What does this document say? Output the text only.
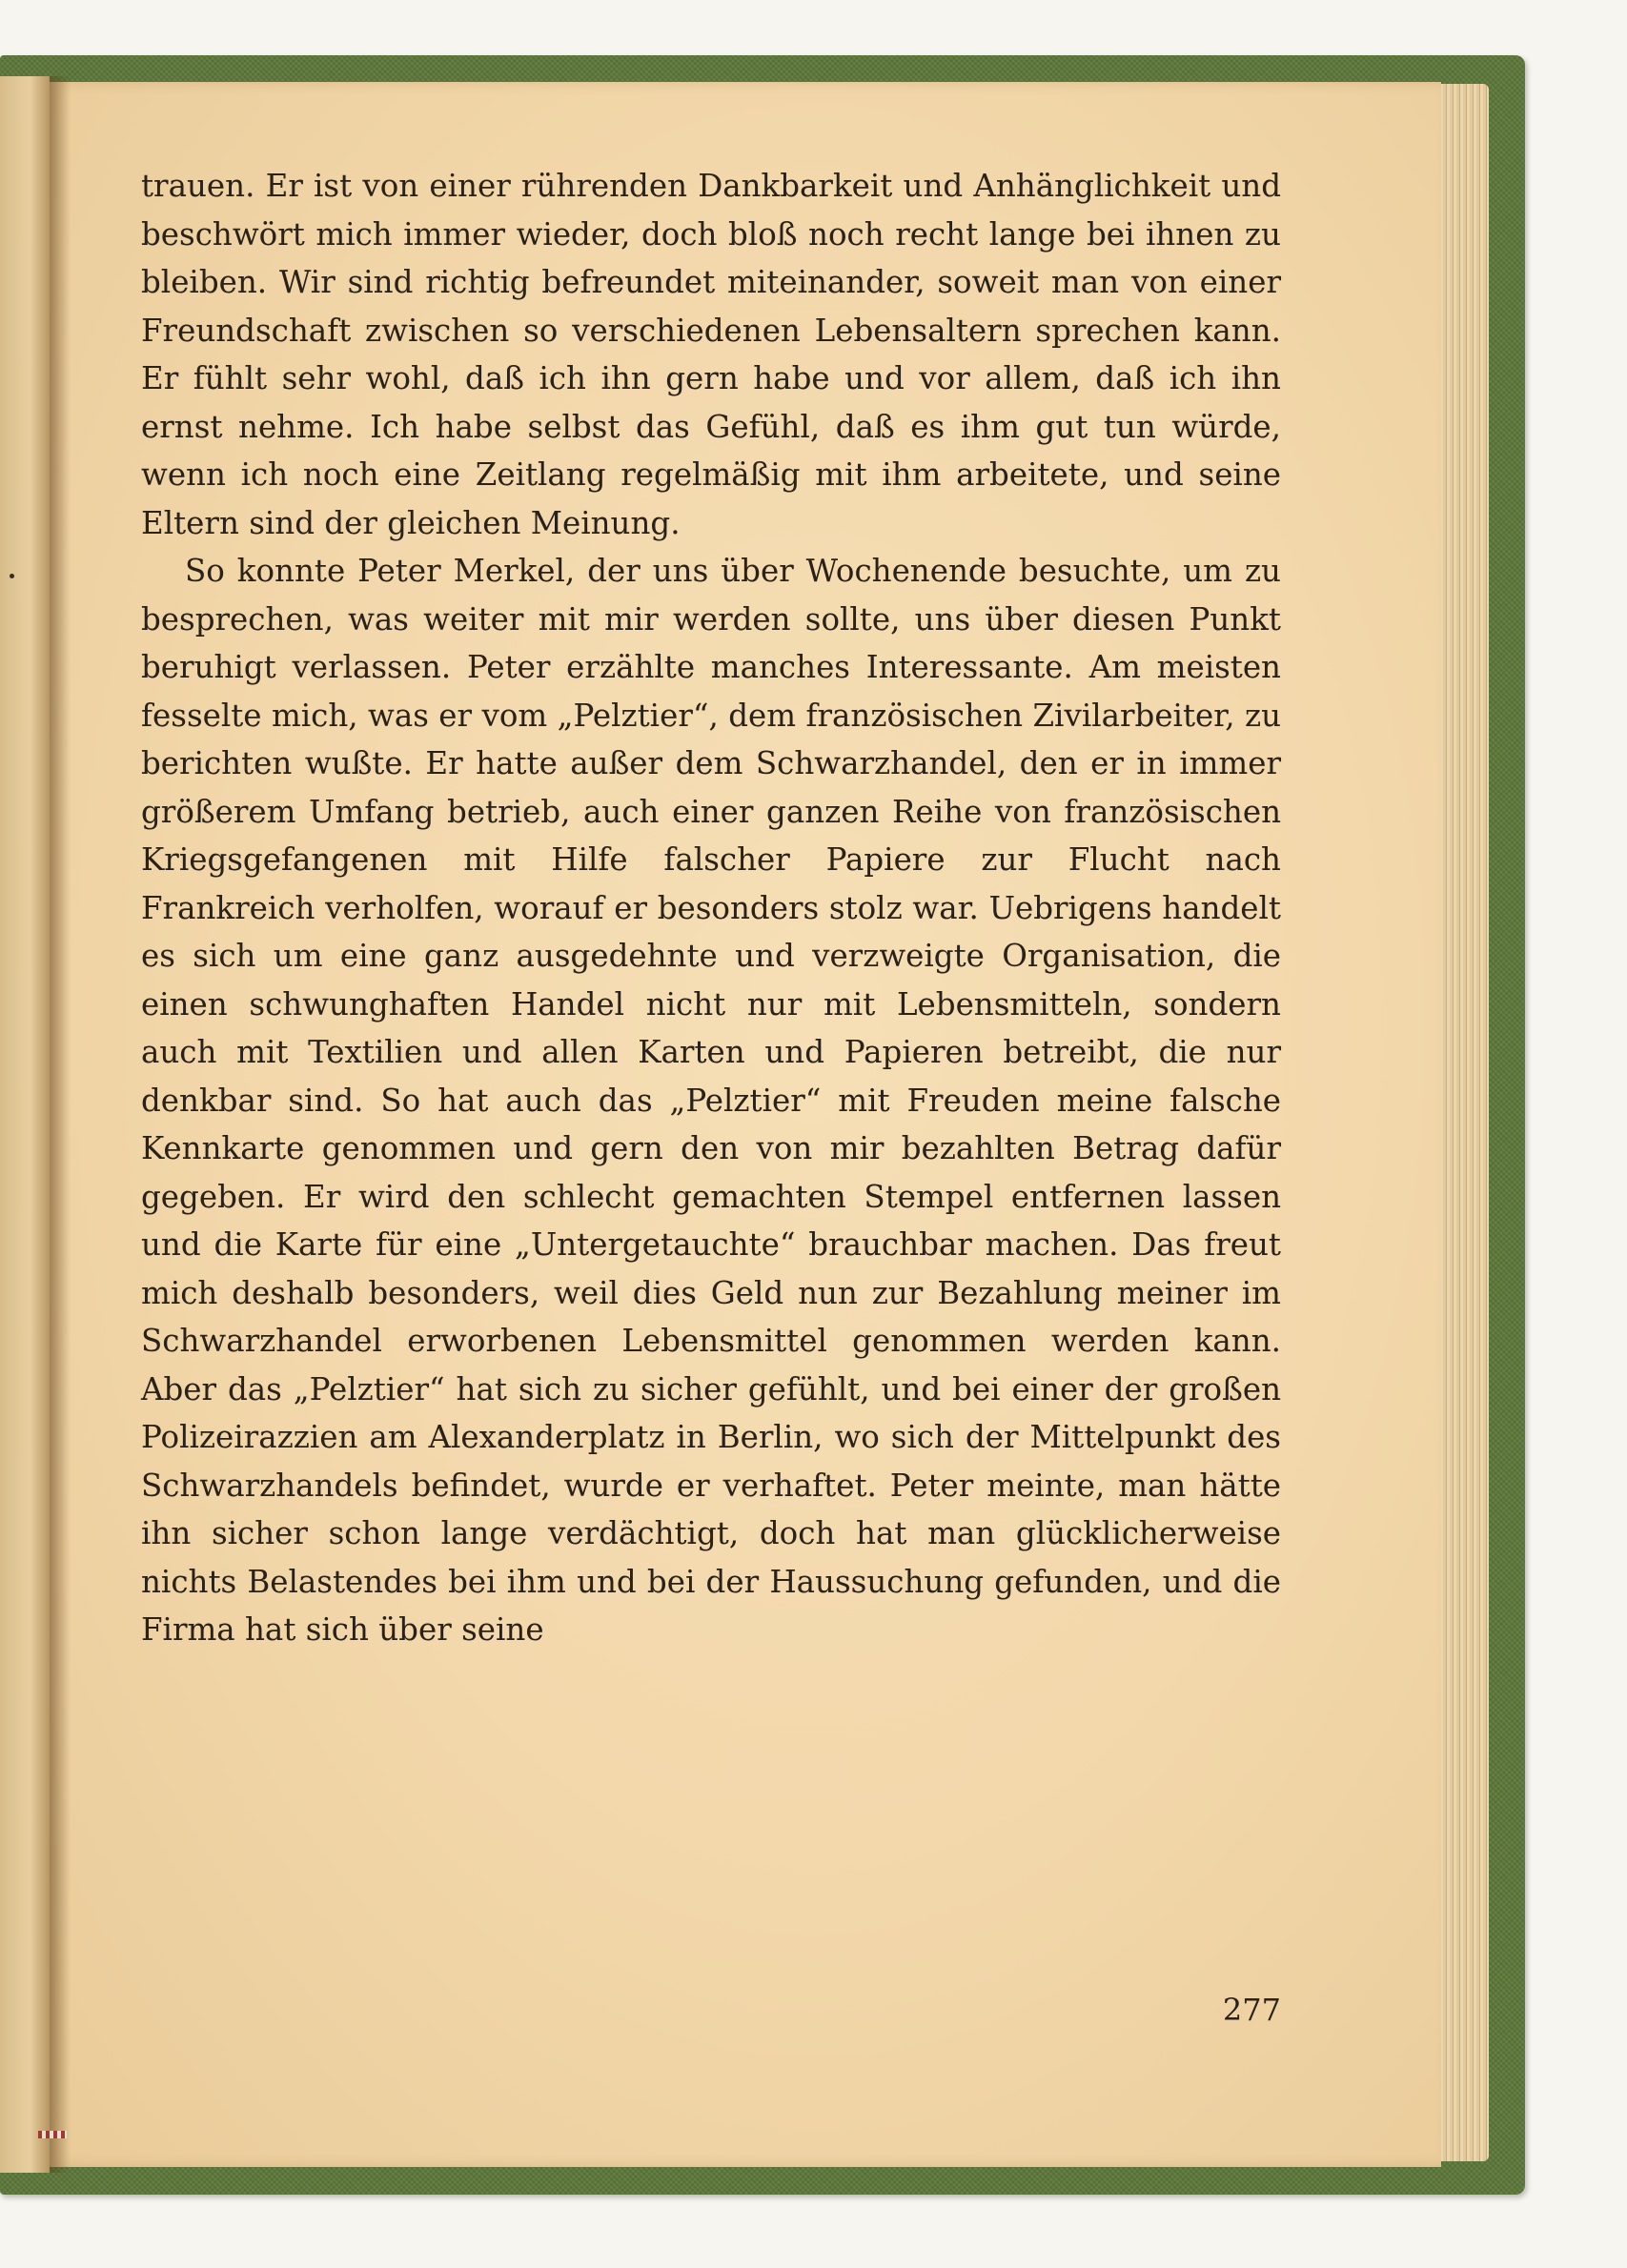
trauen. Er ist von einer rührenden Dankbarkeit und Anhänglichkeit und beschwört mich immer wieder, doch bloß noch recht lange bei ihnen zu bleiben. Wir sind richtig befreundet miteinander, soweit man von einer Freundschaft zwischen so verschiedenen Lebensaltern sprechen kann. Er fühlt sehr wohl, daß ich ihn gern habe und vor allem, daß ich ihn ernst nehme. Ich habe selbst das Gefühl, daß es ihm gut tun würde, wenn ich noch eine Zeitlang regelmäßig mit ihm arbeitete, und seine Eltern sind der gleichen Meinung.

So konnte Peter Merkel, der uns über Wochenende besuchte, um zu besprechen, was weiter mit mir werden sollte, uns über diesen Punkt beruhigt verlassen. Peter erzählte manches Interessante. Am meisten fesselte mich, was er vom „Pelztier“, dem französischen Zivilarbeiter, zu berichten wußte. Er hatte außer dem Schwarzhandel, den er in immer größerem Umfang betrieb, auch einer ganzen Reihe von französischen Kriegsgefangenen mit Hilfe falscher Papiere zur Flucht nach Frankreich verholfen, worauf er besonders stolz war. Uebrigens handelt es sich um eine ganz ausgedehnte und verzweigte Organisation, die einen schwunghaften Handel nicht nur mit Lebensmitteln, sondern auch mit Textilien und allen Karten und Papieren betreibt, die nur denkbar sind. So hat auch das „Pelztier“ mit Freuden meine falsche Kennkarte genommen und gern den von mir bezahlten Betrag dafür gegeben. Er wird den schlecht gemachten Stempel entfernen lassen und die Karte für eine „Untergetauchte“ brauchbar machen. Das freut mich deshalb besonders, weil dies Geld nun zur Bezahlung meiner im Schwarzhandel erworbenen Lebensmittel genommen werden kann. Aber das „Pelztier“ hat sich zu sicher gefühlt, und bei einer der großen Polizeirazzien am Alexanderplatz in Berlin, wo sich der Mittelpunkt des Schwarzhandels befindet, wurde er verhaftet. Peter meinte, man hätte ihn sicher schon lange verdächtigt, doch hat man glücklicherweise nichts Belastendes bei ihm und bei der Haussuchung gefunden, und die Firma hat sich über seine

277
